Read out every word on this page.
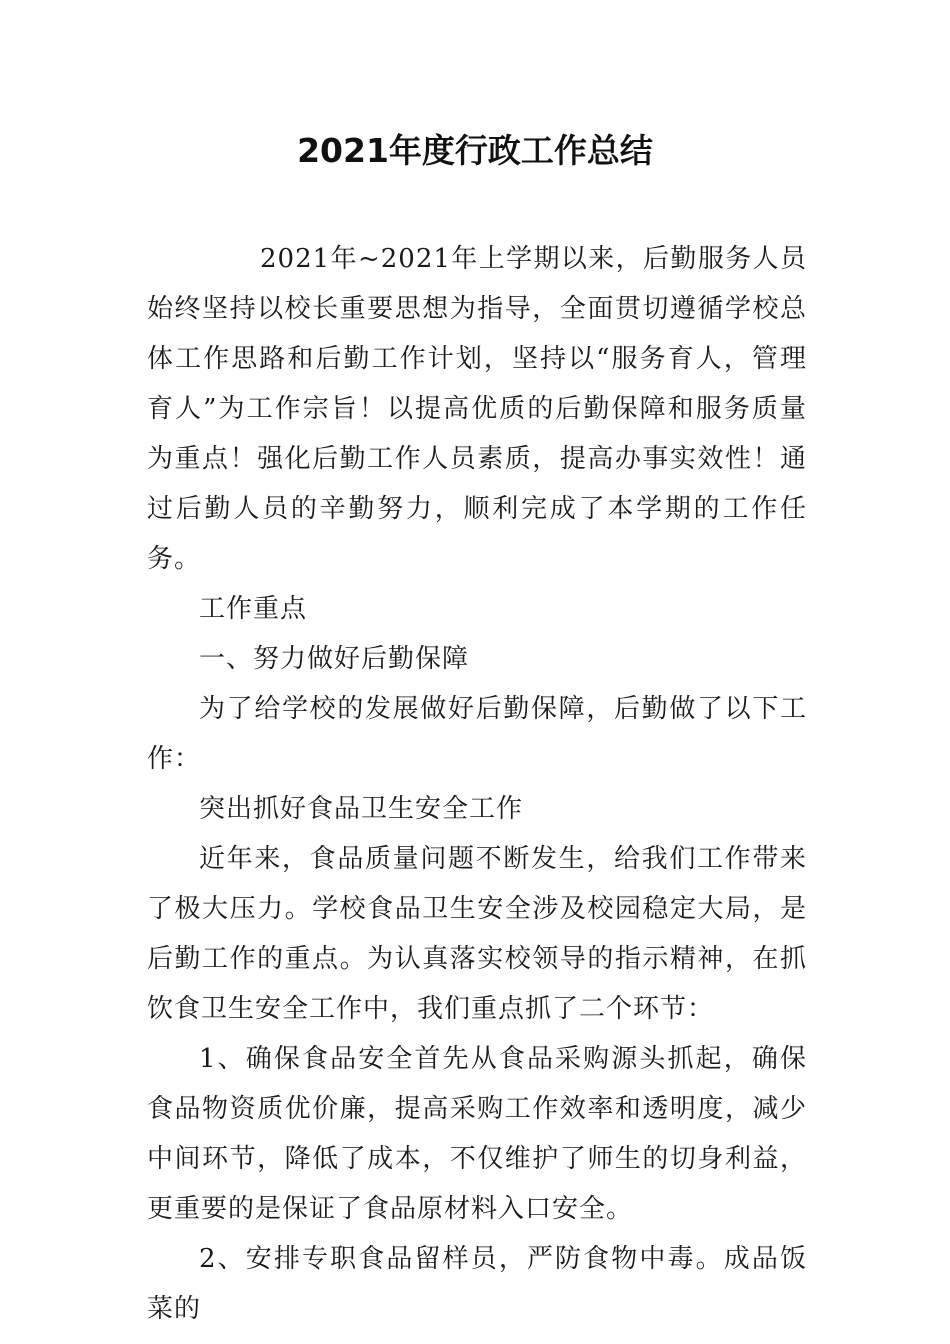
2021年度行政工作总结

2021年~2021年上学期以来，后勤服务人员始终坚持以校长重要思想为指导，全面贯切遵循学校总体工作思路和后勤工作计划，坚持以“服务育人，管理育人”为工作宗旨！以提高优质的后勤保障和服务质量为重点！强化后勤工作人员素质，提高办事实效性！通过后勤人员的辛勤努力，顺利完成了本学期的工作任务。

工作重点

一、努力做好后勤保障

为了给学校的发展做好后勤保障，后勤做了以下工作：

突出抓好食品卫生安全工作

近年来，食品质量问题不断发生，给我们工作带来了极大压力。学校食品卫生安全涉及校园稳定大局，是后勤工作的重点。为认真落实校领导的指示精神，在抓饮食卫生安全工作中，我们重点抓了二个环节：

1、确保食品安全首先从食品采购源头抓起，确保食品物资质优价廉，提高采购工作效率和透明度，减少中间环节，降低了成本，不仅维护了师生的切身利益，更重要的是保证了食品原材料入口安全。

2、安排专职食品留样员，严防食物中毒。成品饭菜的
